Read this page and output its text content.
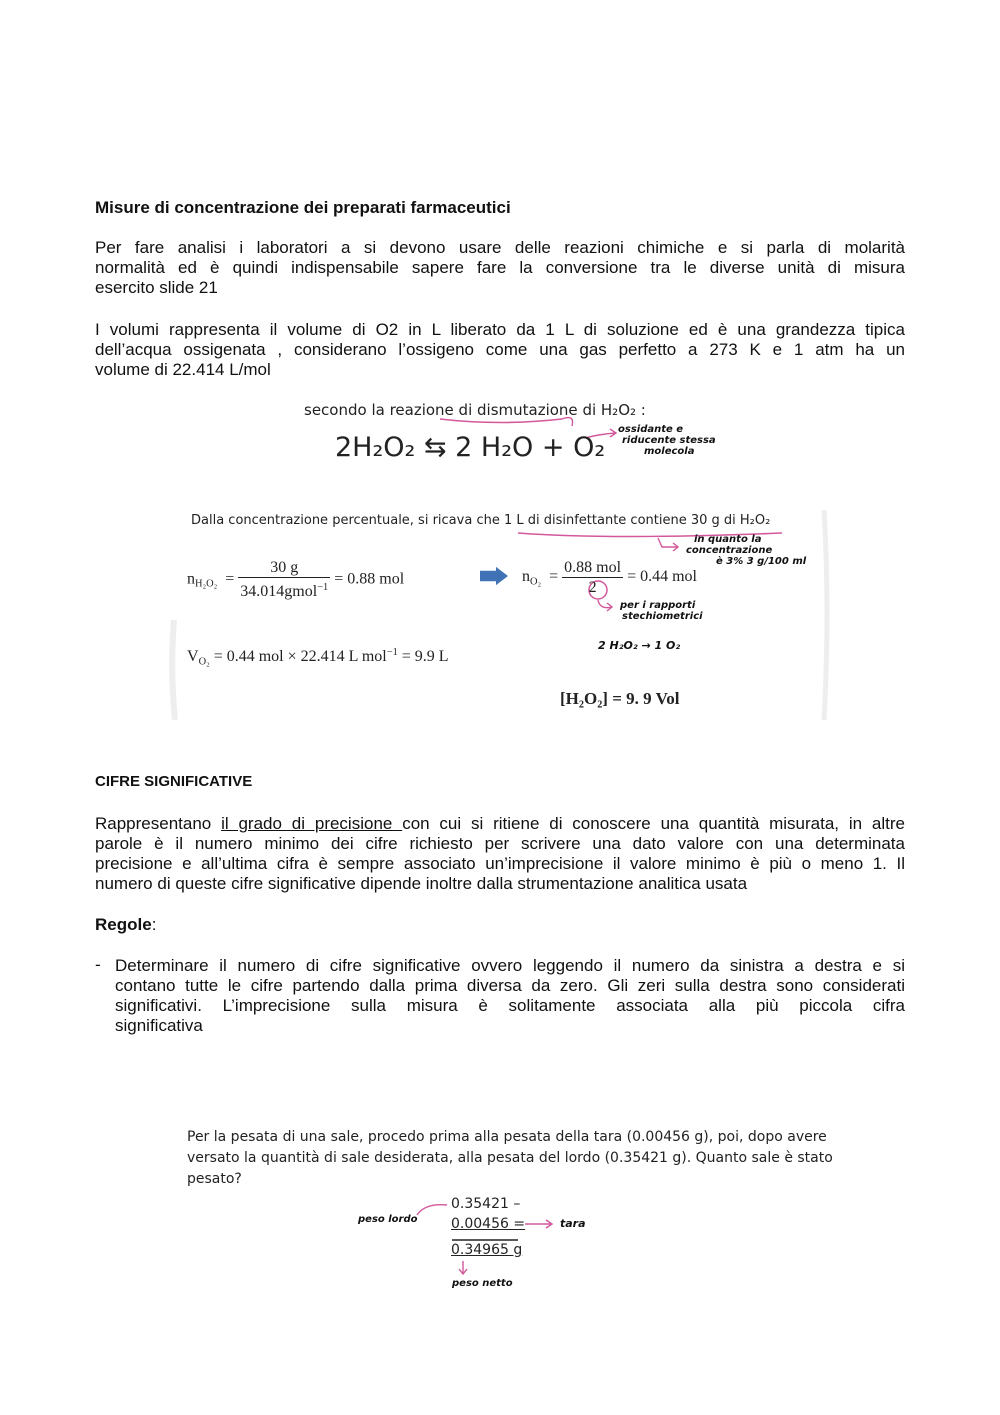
Misure di concentrazione dei preparati farmaceutici
Per fare analisi i laboratori a si devono usare delle reazioni chimiche e si parla di molarità
normalità ed è quindi indispensabile sapere fare la conversione tra le diverse unità di misura
esercito slide 21
I volumi rappresenta il volume di O2 in L liberato da 1 L di soluzione ed è una grandezza tipica
dell’acqua ossigenata , considerano l’ossigeno come una gas perfetto a 273 K e 1 atm ha un
volume di 22.414 L/mol
secondo la reazione di dismutazione di H₂O₂ :
2H₂O₂ ⇆ 2 H₂O + O₂
ossidante e
riducente stessa
molecola
Dalla concentrazione percentuale, si ricava che 1 L di disinfettante contiene 30 g di H₂O₂
in quanto la
concentrazione
è 3% 3 g/100 ml
$n_{H_2O_2} = \frac{30 g}{34.014gmol^{-1}} = 0.88$ mol	$n_{O_2} = \frac{\text{0.88 mol}}{2} = 0.44$ mol
per i rapporti
stechiometrici
2 H₂O₂ → 1 O₂
$V_{O_2} = 0.44$ mol × 22.414 L mol$^{-1}$ = 9.9 L
[H₂O₂] = 9. 9 Vol
CIFRE SIGNIFICATIVE
Rappresentano il grado di precisione con cui si ritiene di conoscere una quantità misurata, in altre
parole è il numero minimo dei cifre richiesto per scrivere una dato valore con una determinata
precisione e all’ultima cifra è sempre associato un’imprecisione il valore minimo è più o meno 1. Il
numero di queste cifre significative dipende inoltre dalla strumentazione analitica usata
Regole:
- Determinare il numero di cifre significative ovvero leggendo il numero da sinistra a destra e si
contano tutte le cifre partendo dalla prima diversa da zero. Gli zeri sulla destra sono considerati
significativi. L’imprecisione sulla misura è solitamente associata alla più piccola cifra
significativa
Per la pesata di una sale, procedo prima alla pesata della tara (0.00456 g), poi, dopo avere
versato la quantità di sale desiderata, alla pesata del lordo (0.35421 g). Quanto sale è stato
pesato?
0.35421 –
0.00456 =
0.34965 g
peso lordo	tara
peso netto
